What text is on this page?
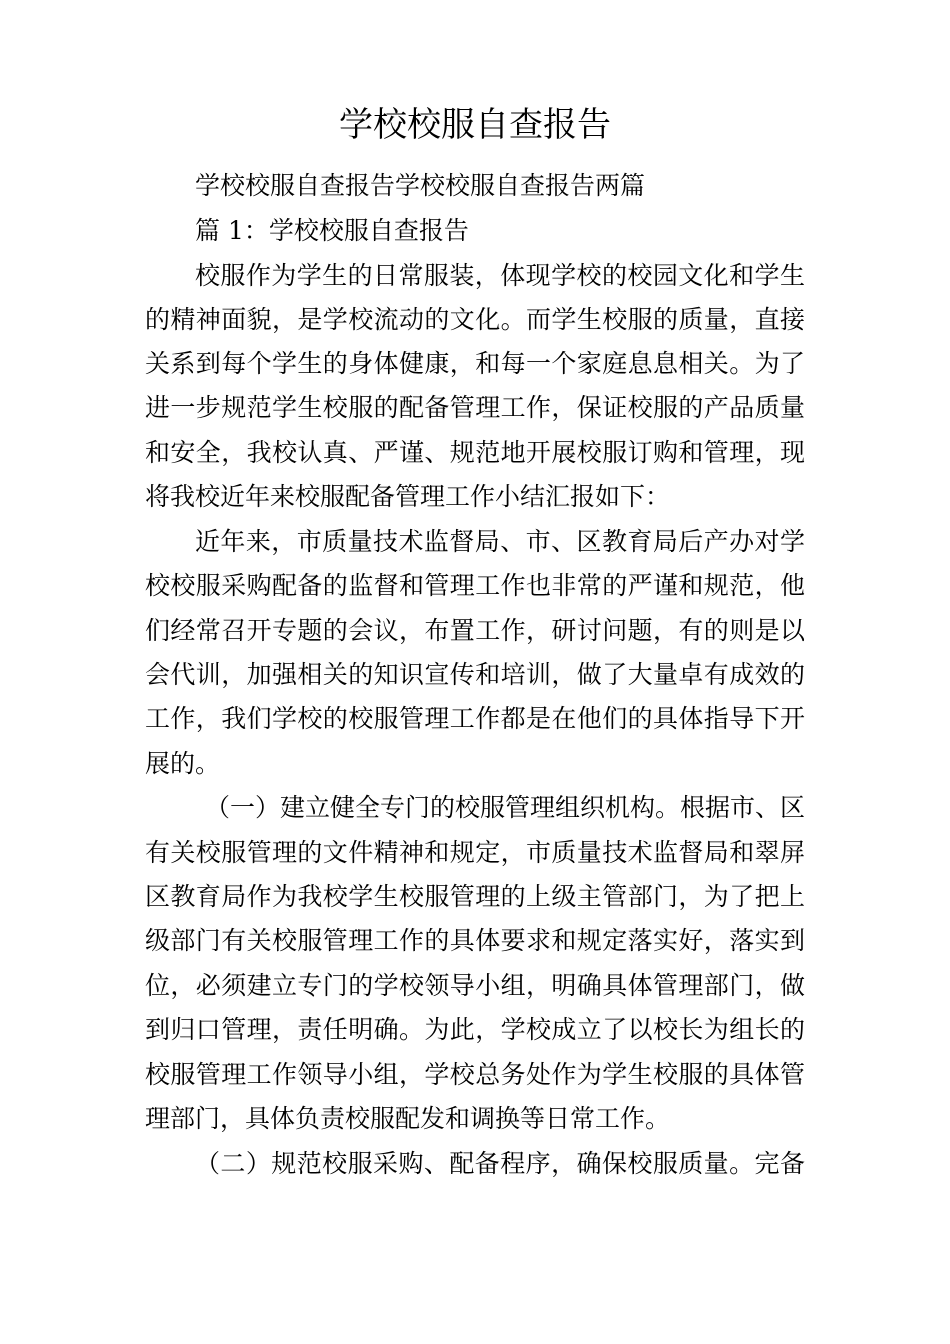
学校校服自查报告
学校校服自查报告学校校服自查报告两篇
篇 1：学校校服自查报告
校服作为学生的日常服装，体现学校的校园文化和学生
的精神面貌，是学校流动的文化。而学生校服的质量，直接
关系到每个学生的身体健康，和每一个家庭息息相关。为了
进一步规范学生校服的配备管理工作，保证校服的产品质量
和安全，我校认真、严谨、规范地开展校服订购和管理，现
将我校近年来校服配备管理工作小结汇报如下：
近年来，市质量技术监督局、市、区教育局后产办对学
校校服采购配备的监督和管理工作也非常的严谨和规范，他
们经常召开专题的会议，布置工作，研讨问题，有的则是以
会代训，加强相关的知识宣传和培训，做了大量卓有成效的
工作，我们学校的校服管理工作都是在他们的具体指导下开
展的。
（一）建立健全专门的校服管理组织机构。根据市、区
有关校服管理的文件精神和规定，市质量技术监督局和翠屏
区教育局作为我校学生校服管理的上级主管部门，为了把上
级部门有关校服管理工作的具体要求和规定落实好，落实到
位，必须建立专门的学校领导小组，明确具体管理部门，做
到归口管理，责任明确。为此，学校成立了以校长为组长的
校服管理工作领导小组，学校总务处作为学生校服的具体管
理部门，具体负责校服配发和调换等日常工作。
（二）规范校服采购、配备程序，确保校服质量。完备
